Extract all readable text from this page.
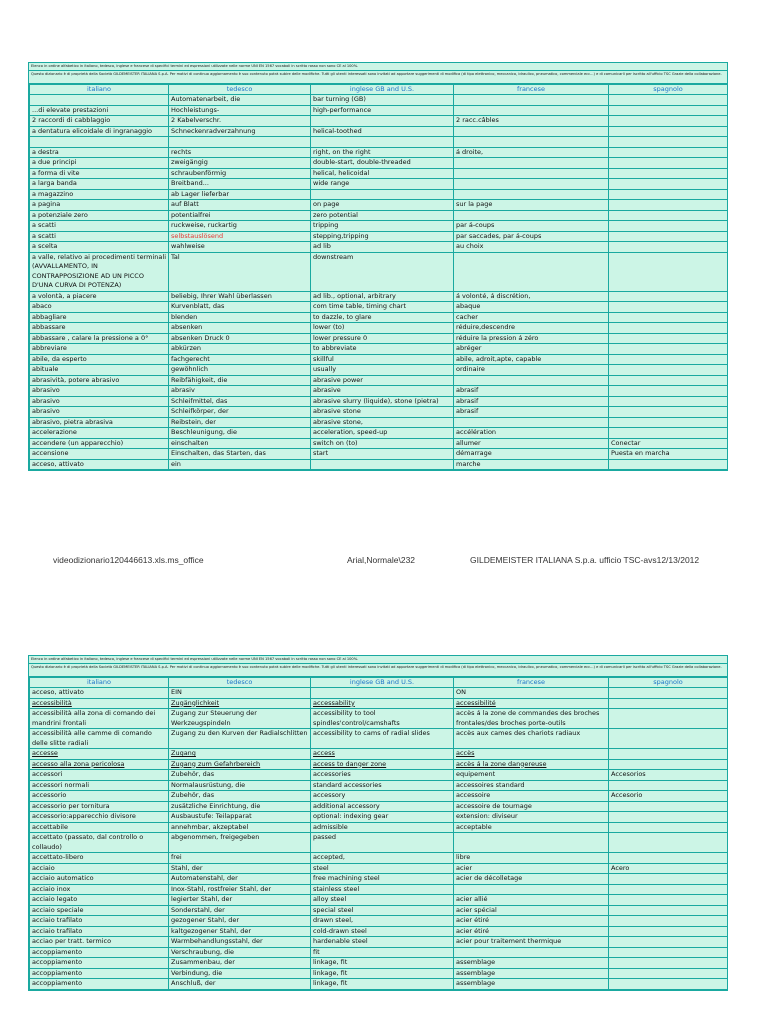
Elenco in ordine alfabetico in italiano, tedesco, inglese e francese di specifici termini ed espressioni utilizzate nelle norme UNI EN 1567 vocaboli in scritto rosso non sono CE al 100%.
Questo dizionario è di proprietà della Società GILDEMEISTER ITALIANA S.p.A. Per motivi di continuo aggiornamento è suo contenuto potrà subire delle modifiche. Tutti gli utenti interessati sono invitati ad apportare suggerimenti di modifica (di tipo elettronico, meccanico, idraulico, pneumatico, commerciale ecc...) e di comunicarli per iscritto all'ufficio TSC Grazie della collaborazione.
italiano	tedesco	inglese GB and U.S.	francese	spagnolo
	Automatenarbeit, die	bar turning (GB)		
...di elevate prestazioni	Hochleistungs-	high-performance		
2 raccordi di cabblaggio	2 Kabelverschr.		2 racc.câbles	
a dentatura elicoidale di ingranaggio	Schneckenradverzahnung	helical-toothed		

a destra	rechts	right, on the right	á droite,	
a due principi	zweigängig	double-start, double-threaded		
a forma di vite	schraubenförmig	helical, helicoidal		
a larga banda	Breitband...	wide range		
a magazzino	ab Lager lieferbar			
a pagina	auf Blatt	on page	sur la page	
a potenziale zero	potentialfrei	zero potential		
a scatti	ruckweise, ruckartig	tripping	par á-coups	
a scatti	selbstauslösend	stepping,tripping	par saccades, par á-coups	
a scelta	wahlweise	ad lib	au choix	
a valle, relativo ai procedimenti terminali (AVVALLAMENTO, IN CONTRAPPOSIZIONE AD UN PICCO D'UNA CURVA DI POTENZA)	Tal	downstream		
a volontà, a piacere	beliebig, Ihrer Wahl überlassen	ad lib., optional, arbitrary	á volonté, á discrétion,	
abaco	Kurvenblatt, das	com time table, timing chart	abaque	
abbagliare	blenden	to dazzle, to glare	cacher	
abbassare	absenken	lower (to)	réduire,descendre	
abbassare , calare la pressione a 0°	absenken Druck 0	lower pressure 0	réduire la pression á zéro	
abbreviare	abkürzen	to abbreviate	abréger	
abile, da esperto	fachgerecht	skillful	abile, adroit,apte, capable	
abituale	gewöhnlich	usually	ordinaire	
abrasività, potere abrasivo	Reibfähigkeit, die	abrasive power		
abrasivo	abrasiv	abrasive	abrasif	
abrasivo	Schleifmittel, das	abrasive slurry (liquide), stone (pietra)	abrasif	
abrasivo	Schleifkörper, der	abrasive stone	abrasif	
abrasivo, pietra abrasiva	Reibstein, der	abrasive stone,		
accelerazione	Beschleunigung, die	acceleration, speed-up	accélération	
accendere (un apparecchio)	einschalten	switch on (to)	allumer	Conectar
accensione	Einschalten, das Starten, das	start	démarrage	Puesta en marcha
acceso, attivato	ein		marche	
videodizionario120446613.xls.ms_office	Arial,Normale\232	GILDEMEISTER ITALIANA S.p.a. ufficio TSC-avs12/13/2012
Elenco in ordine alfabetico in italiano, tedesco, inglese e francese di specifici termini ed espressioni utilizzate nelle norme UNI EN 1567 vocaboli in scritto rosso non sono CE al 100%.
Questo dizionario è di proprietà della Società GILDEMEISTER ITALIANA S.p.A. Per motivi di continuo aggiornamento è suo contenuto potrà subire delle modifiche. Tutti gli utenti interessati sono invitati ad apportare suggerimenti di modifica (di tipo elettronico, meccanico, idraulico, pneumatico, commerciale ecc...) e di comunicarli per iscritto all'ufficio TSC Grazie della collaborazione.
italiano	tedesco	inglese GB and U.S.	francese	spagnolo
acceso, attivato	EIN		ON	
accessibilità	Zugänglichkeit	accessability	accessibilité	
accessibilità alla zona di comando dei mandrini frontali	Zugang zur Steuerung der Werkzeugspindeln	accessibility to tool spindles'control/camshafts	accès á la zone de commandes des broches frontales/des broches porte-outils	
accessibilità alle camme di comando delle slitte radiali	Zugang zu den Kurven der Radialschlitten	accessibility to cams of radial slides	accès aux cames des chariots radiaux	
accesse	Zugang	access	accès	
accesso alla zona pericolosa	Zugang zum Gefahrbereich	access to danger zone	accès á la zone dangereuse	
accessori	Zubehör, das	accessories	equipement	Accesorios
accessori normali	Normalausrüstung, die	standard accessories	accessoires standard	
accessorio	Zubehör, das	accessory	accessoire	Accesorio
accessorio per tornitura	zusätzliche Einrichtung, die	additional accessory	accessoire de tournage	
accessorio:apparecchio divisore	Ausbaustufe: Teilapparat	optional: indexing gear	extension: diviseur	
accettabile	annehmbar, akzeptabel	admissible	acceptable	
accettato (passato, dal controllo o collaudo)	abgenommen, freigegeben	passed		
accettato-libero	frei	accepted,	libre	
acciaio	Stahl, der	steel	acier	Acero
acciaio automatico	Automatenstahl, der	free machining steel	acier de décolletage	
acciaio inox	Inox-Stahl, rostfreier Stahl, der	stainless steel		
acciaio legato	legierter Stahl, der	alloy steel	acier allié	
acciaio speciale	Sonderstahl, der	special steel	acier spécial	
acciaio trafilato	gezogener Stahl, der	drawn steel,	acier étiré	
acciaio trafilato	kaltgezogener Stahl, der	cold-drawn steel	acier étiré	
acciao per tratt. termico	Warmbehandlungsstahl, der	hardenable steel	acier pour traitement thermique	
accoppiamento	Verschraubung, die	fit		
accoppiamento	Zusammenbau, der	linkage, fit	assemblage	
accoppiamento	Verbindung, die	linkage, fit	assemblage	
accoppiamento	Anschluß, der	linkage, fit	assemblage	
